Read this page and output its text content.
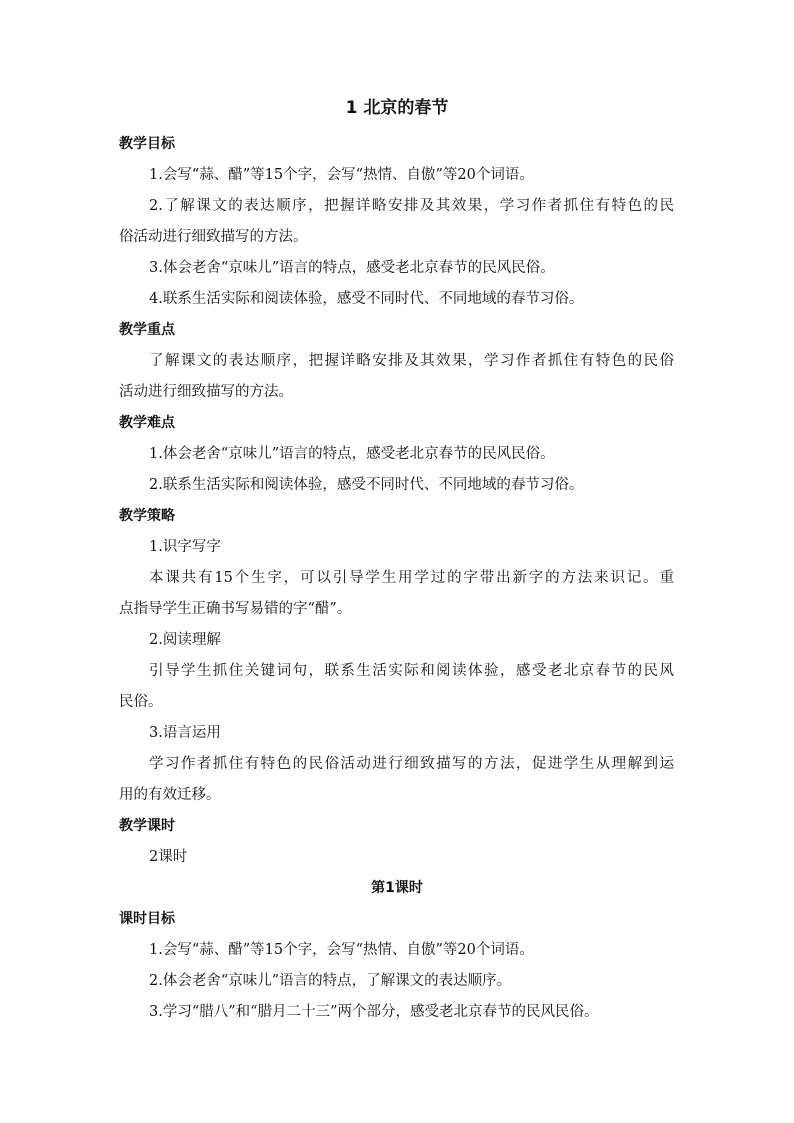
1 北京的春节
教学目标
1.会写“蒜、醋”等15个字，会写“热情、自傲”等20个词语。
2.了解课文的表达顺序，把握详略安排及其效果，学习作者抓住有特色的民
俗活动进行细致描写的方法。
3.体会老舍“京味儿”语言的特点，感受老北京春节的民风民俗。
4.联系生活实际和阅读体验，感受不同时代、不同地域的春节习俗。
教学重点
了解课文的表达顺序，把握详略安排及其效果，学习作者抓住有特色的民俗
活动进行细致描写的方法。
教学难点
1.体会老舍“京味儿”语言的特点，感受老北京春节的民风民俗。
2.联系生活实际和阅读体验，感受不同时代、不同地域的春节习俗。
教学策略
1.识字写字
本课共有15个生字，可以引导学生用学过的字带出新字的方法来识记。重
点指导学生正确书写易错的字“醋”。
2.阅读理解
引导学生抓住关键词句，联系生活实际和阅读体验，感受老北京春节的民风
民俗。
3.语言运用
学习作者抓住有特色的民俗活动进行细致描写的方法，促进学生从理解到运
用的有效迁移。
教学课时
2课时
第1课时
课时目标
1.会写“蒜、醋”等15个字，会写“热情、自傲”等20个词语。
2.体会老舍“京味儿”语言的特点，了解课文的表达顺序。
3.学习“腊八”和“腊月二十三”两个部分，感受老北京春节的民风民俗。
